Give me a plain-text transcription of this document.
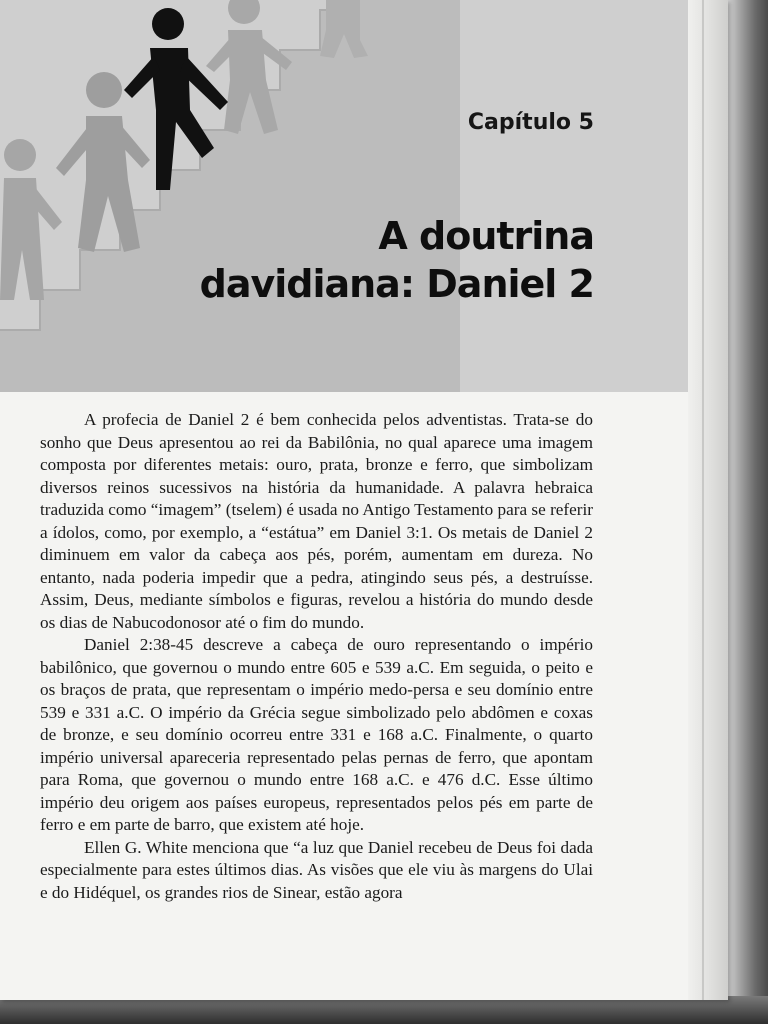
Capítulo 5
A doutrina
davidiana: Daniel 2

A profecia de Daniel 2 é bem conhecida pelos adventistas. Trata-se do sonho que Deus apresentou ao rei da Babilônia, no qual aparece uma imagem composta por diferentes metais: ouro, prata, bronze e ferro, que simbolizam diversos reinos sucessivos na história da humanidade. A palavra hebraica traduzida como “imagem” (tselem) é usada no Antigo Testamento para se referir a ídolos, como, por exemplo, a “estátua” em Daniel 3:1. Os metais de Daniel 2 diminuem em valor da cabeça aos pés, porém, aumentam em dureza. No entanto, nada poderia impedir que a pedra, atingindo seus pés, a destruísse. Assim, Deus, mediante símbolos e figuras, revelou a história do mundo desde os dias de Nabucodonosor até o fim do mundo.

Daniel 2:38-45 descreve a cabeça de ouro representando o império babilônico, que governou o mundo entre 605 e 539 a.C. Em seguida, o peito e os braços de prata, que representam o império medo-persa e seu domínio entre 539 e 331 a.C. O império da Grécia segue simbolizado pelo abdômen e coxas de bronze, e seu domínio ocorreu entre 331 e 168 a.C. Finalmente, o quarto império universal apareceria representado pelas pernas de ferro, que apontam para Roma, que governou o mundo entre 168 a.C. e 476 d.C. Esse último império deu origem aos países europeus, representados pelos pés em parte de ferro e em parte de barro, que existem até hoje.

Ellen G. White menciona que “a luz que Daniel recebeu de Deus foi dada especialmente para estes últimos dias. As visões que ele viu às margens do Ulai e do Hidéquel, os grandes rios de Sinear, estão agora
